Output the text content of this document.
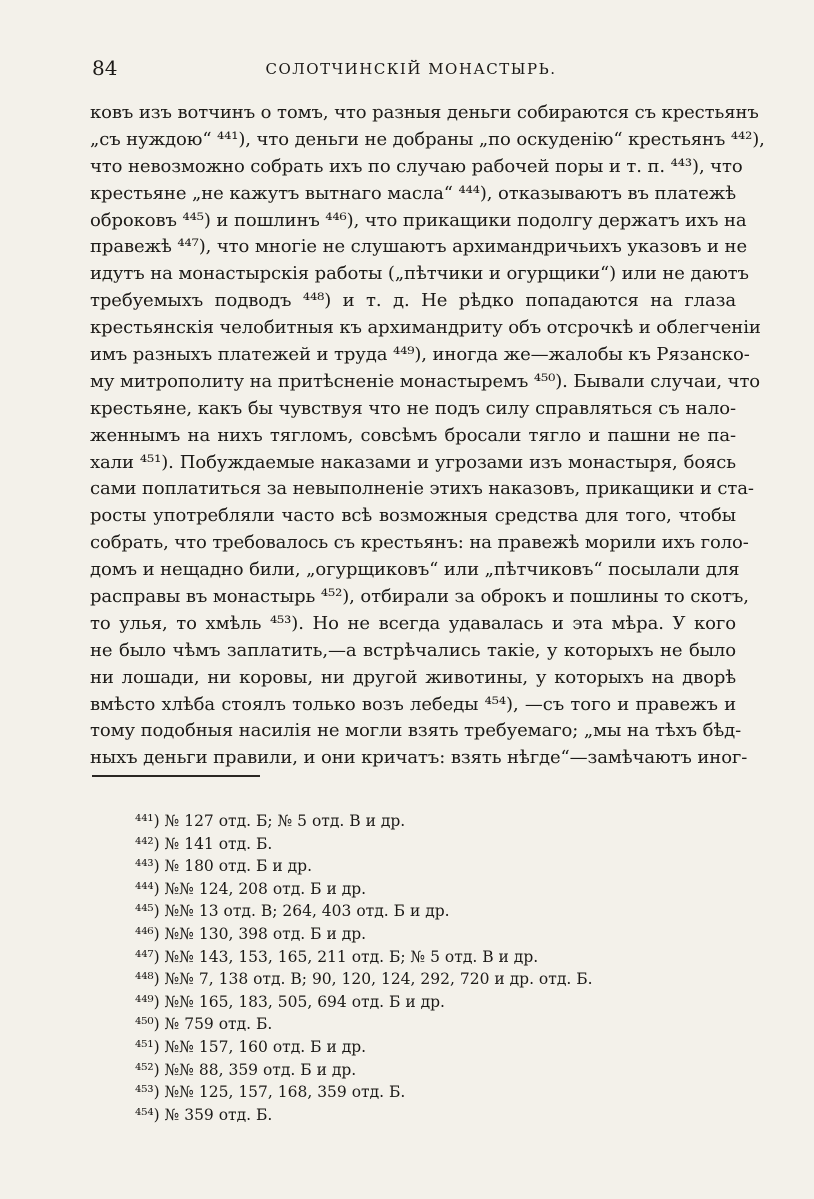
84	СОЛОТЧИНСКІЙ МОНАСТЫРЬ.
ковъ изъ вотчинъ о томъ, что разныя деньги собираются съ крестьянъ
„съ нуждою“ ⁴⁴¹), что деньги не добраны „по оскуденію“ крестьянъ ⁴⁴²),
что невозможно собрать ихъ по случаю рабочей поры и т. п. ⁴⁴³), что
крестьяне „не кажутъ вытнаго масла“ ⁴⁴⁴), отказываютъ въ платежѣ
оброковъ ⁴⁴⁵) и пошлинъ ⁴⁴⁶), что прикащики подолгу держатъ ихъ на
правежѣ ⁴⁴⁷), что многіе не слушаютъ архимандричьихъ указовъ и не
идутъ на монастырскія работы („пѣтчики и огурщики“) или не даютъ
требуемыхъ подводъ ⁴⁴⁸) и т. д. Не рѣдко попадаются на глаза
крестьянскія челобитныя къ архимандриту объ отсрочкѣ и облегченіи
имъ разныхъ платежей и труда ⁴⁴⁹), иногда же—жалобы къ Рязанско-
му митрополиту на притѣсненіе монастыремъ ⁴⁵⁰). Бывали случаи, что
крестьяне, какъ бы чувствуя что не подъ силу справляться съ нало-
женнымъ на нихъ тягломъ, совсѣмъ бросали тягло и пашни не па-
хали ⁴⁵¹). Побуждаемые наказами и угрозами изъ монастыря, боясь
сами поплатиться за невыполненіе этихъ наказовъ, прикащики и ста-
росты употребляли часто всѣ возможныя средства для того, чтобы
собрать, что требовалось съ крестьянъ: на правежѣ морили ихъ голо-
домъ и нещадно били, „огурщиковъ“ или „пѣтчиковъ“ посылали для
расправы въ монастырь ⁴⁵²), отбирали за оброкъ и пошлины то скотъ,
то улья, то хмѣль ⁴⁵³). Но не всегда удавалась и эта мѣра. У кого
не было чѣмъ заплатить,—а встрѣчались такіе, у которыхъ не было
ни лошади, ни коровы, ни другой животины, у которыхъ на дворѣ
вмѣсто хлѣба стоялъ только возъ лебеды ⁴⁵⁴), —съ того и правежъ и
тому подобныя насилія не могли взять требуемаго; „мы на тѣхъ бѣд-
ныхъ деньги правили, и они кричатъ: взять нѣгде“—замѣчаютъ иног-
⁴⁴¹) № 127 отд. Б; № 5 отд. В и др.
⁴⁴²) № 141 отд. Б.
⁴⁴³) № 180 отд. Б и др.
⁴⁴⁴) №№ 124, 208 отд. Б и др.
⁴⁴⁵) №№ 13 отд. В; 264, 403 отд. Б и др.
⁴⁴⁶) №№ 130, 398 отд. Б и др.
⁴⁴⁷) №№ 143, 153, 165, 211 отд. Б; № 5 отд. В и др.
⁴⁴⁸) №№ 7, 138 отд. В; 90, 120, 124, 292, 720 и др. отд. Б.
⁴⁴⁹) №№ 165, 183, 505, 694 отд. Б и др.
⁴⁵⁰) № 759 отд. Б.
⁴⁵¹) №№ 157, 160 отд. Б и др.
⁴⁵²) №№ 88, 359 отд. Б и др.
⁴⁵³) №№ 125, 157, 168, 359 отд. Б.
⁴⁵⁴) № 359 отд. Б.
